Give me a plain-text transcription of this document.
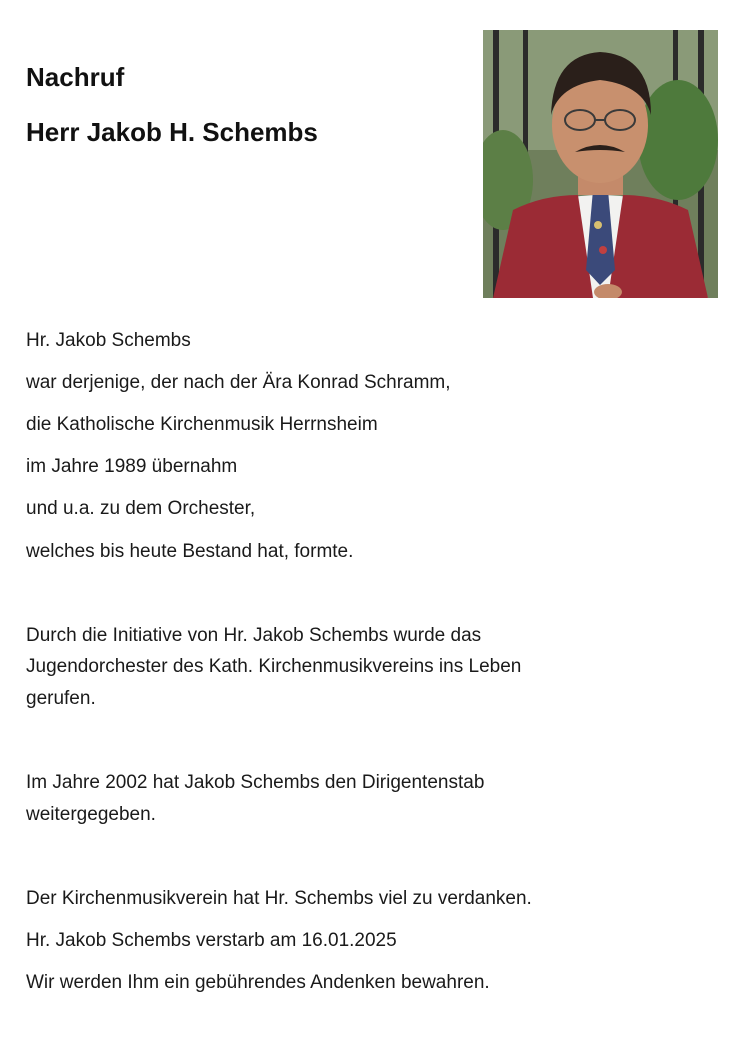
Nachruf
Herr Jakob H. Schembs

Hr. Jakob Schembs

war derjenige, der nach der Ära Konrad Schramm,

die Katholische Kirchenmusik Herrnsheim

im Jahre 1989 übernahm

und u.a. zu dem Orchester,

welches bis heute Bestand hat, formte.

Durch die Initiative von Hr. Jakob Schembs wurde das

Jugendorchester des Kath. Kirchenmusikvereins ins Leben

gerufen.

Im Jahre 2002 hat Jakob Schembs den Dirigentenstab

weitergegeben.

Der Kirchenmusikverein hat Hr. Schembs viel zu verdanken.

Hr. Jakob Schembs verstarb am 16.01.2025

Wir werden Ihm ein gebührendes Andenken bewahren.
